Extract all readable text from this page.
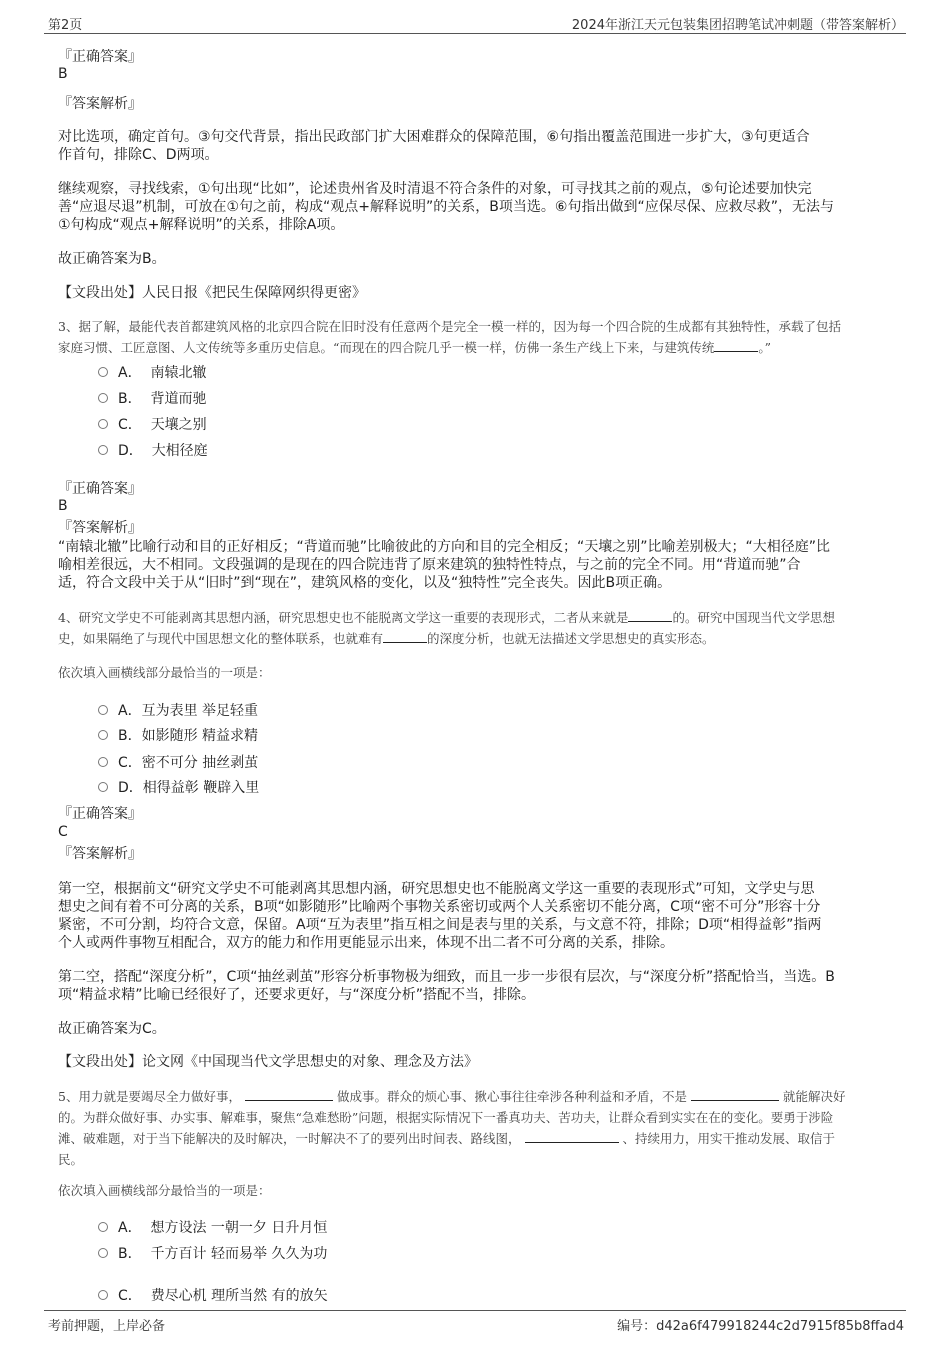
第2页	2024年浙江天元包装集团招聘笔试冲刺题（带答案解析）
『正确答案』
B
『答案解析』
对比选项，确定首句。③句交代背景，指出民政部门扩大困难群众的保障范围，⑥句指出覆盖范围进一步扩大，③句更适合
作首句，排除C、D两项。
继续观察，寻找线索，①句出现“比如”，论述贵州省及时清退不符合条件的对象，可寻找其之前的观点，⑤句论述要加快完
善“应退尽退”机制，可放在①句之前，构成“观点+解释说明”的关系，B项当选。⑥句指出做到“应保尽保、应救尽救”，无法与
①句构成“观点+解释说明”的关系，排除A项。
故正确答案为B。
【文段出处】人民日报《把民生保障网织得更密》
3、据了解，最能代表首都建筑风格的北京四合院在旧时没有任意两个是完全一模一样的，因为每一个四合院的生成都有其独特性，承载了包括
家庭习惯、工匠意图、人文传统等多重历史信息。“而现在的四合院几乎一模一样，仿佛一条生产线上下来，与建筑传统	。”
A． 南辕北辙
B． 背道而驰
C． 天壤之别
D． 大相径庭
『正确答案』
B
『答案解析』
“南辕北辙”比喻行动和目的正好相反；“背道而驰”比喻彼此的方向和目的完全相反；“天壤之别”比喻差别极大；“大相径庭”比
喻相差很远，大不相同。文段强调的是现在的四合院违背了原来建筑的独特性特点，与之前的完全不同。用“背道而驰”合
适，符合文段中关于从“旧时”到“现在”，建筑风格的变化，以及“独特性”完全丧失。因此B项正确。
4、研究文学史不可能剥离其思想内涵，研究思想史也不能脱离文学这一重要的表现形式，二者从来就是	的。研究中国现当代文学思想
史，如果隔绝了与现代中国思想文化的整体联系，也就难有	的深度分析，也就无法描述文学思想史的真实形态。
依次填入画横线部分最恰当的一项是：
A．互为表里 举足轻重
B．如影随形 精益求精
C．密不可分 抽丝剥茧
D．相得益彰 鞭辟入里
『正确答案』
C
『答案解析』
第一空，根据前文“研究文学史不可能剥离其思想内涵，研究思想史也不能脱离文学这一重要的表现形式”可知，文学史与思
想史之间有着不可分离的关系，B项“如影随形”比喻两个事物关系密切或两个人关系密切不能分离，C项“密不可分”形容十分
紧密，不可分割，均符合文意，保留。A项“互为表里”指互相之间是表与里的关系，与文意不符，排除；D项“相得益彰”指两
个人或两件事物互相配合，双方的能力和作用更能显示出来，体现不出二者不可分离的关系，排除。
第二空，搭配“深度分析”，C项“抽丝剥茧”形容分析事物极为细致，而且一步一步很有层次，与“深度分析”搭配恰当，当选。B
项“精益求精”比喻已经很好了，还要求更好，与“深度分析”搭配不当，排除。
故正确答案为C。
【文段出处】论文网《中国现当代文学思想史的对象、理念及方法》
5、用力就是要竭尽全力做好事，	做成事。群众的烦心事、揪心事往往牵涉各种利益和矛盾，不是	就能解决好
的。为群众做好事、办实事、解难事，聚焦“急难愁盼”问题，根据实际情况下一番真功夫、苦功夫，让群众看到实实在在的变化。要勇于涉险
滩、破难题，对于当下能解决的及时解决，一时解决不了的要列出时间表、路线图，	、持续用力，用实干推动发展、取信于
民。
依次填入画横线部分最恰当的一项是：
A． 想方设法 一朝一夕 日升月恒
B． 千方百计 轻而易举 久久为功
C． 费尽心机 理所当然 有的放矢
考前押题，上岸必备	编号：d42a6f479918244c2d7915f85b8ffad4
